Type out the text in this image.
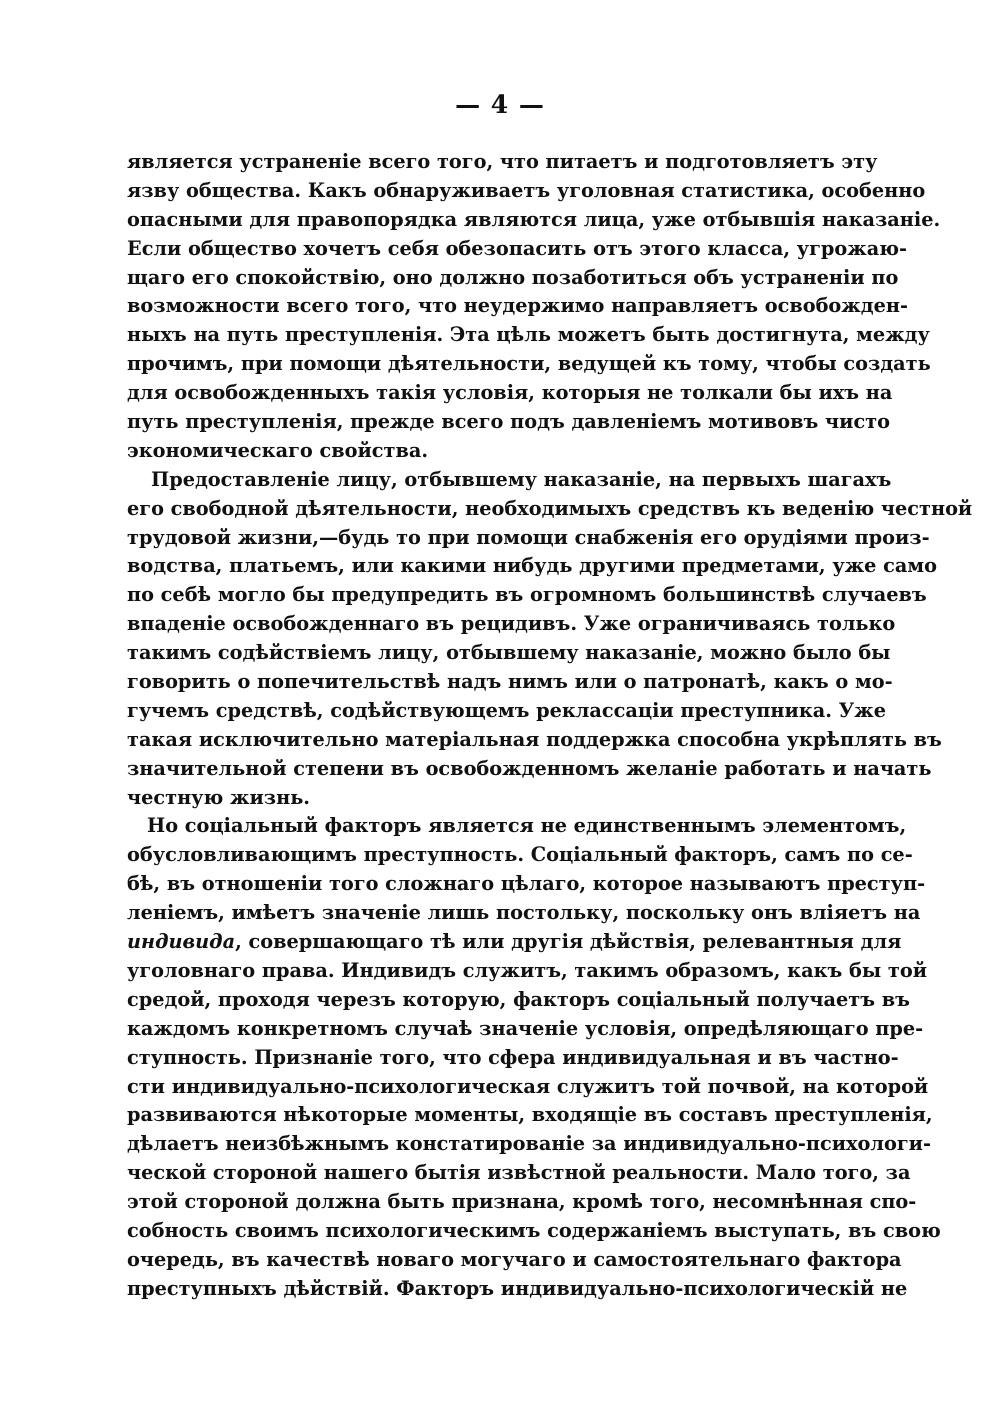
— 4 —
является устраненіе всего того, что питаетъ и подготовляетъ эту
язву общества. Какъ обнаруживаетъ уголовная статистика, особенно
опасными для правопорядка являются лица, уже отбывшія наказаніе.
Если общество хочетъ себя обезопасить отъ этого класса, угрожаю-
щаго его спокойствію, оно должно позаботиться объ устраненіи по
возможности всего того, что неудержимо направляетъ освобожден-
ныхъ на путь преступленія. Эта цѣль можетъ быть достигнута, между
прочимъ, при помощи дѣятельности, ведущей къ тому, чтобы создать
для освобожденныхъ такія условія, которыя не толкали бы ихъ на
путь преступленія, прежде всего подъ давленіемъ мотивовъ чисто
экономическаго свойства.
Предоставленіе лицу, отбывшему наказаніе, на первыхъ шагахъ
его свободной дѣятельности, необходимыхъ средствъ къ веденію честной
трудовой жизни,—будь то при помощи снабженія его орудіями произ-
водства, платьемъ, или какими нибудь другими предметами, уже само
по себѣ могло бы предупредить въ огромномъ большинствѣ случаевъ
впаденіе освобожденнаго въ рецидивъ. Уже ограничиваясь только
такимъ содѣйствіемъ лицу, отбывшему наказаніе, можно было бы
говорить о попечительствѣ надъ нимъ или о патронатѣ, какъ о мо-
гучемъ средствѣ, содѣйствующемъ реклассаціи преступника. Уже
такая исключительно матеріальная поддержка способна укрѣплять въ
значительной степени въ освобожденномъ желаніе работать и начать
честную жизнь.
Но соціальный факторъ является не единственнымъ элементомъ,
обусловливающимъ преступность. Соціальный факторъ, самъ по се-
бѣ, въ отношеніи того сложнаго цѣлаго, которое называютъ преступ-
леніемъ, имѣетъ значеніе лишь постольку, поскольку онъ вліяетъ на
индивида, совершающаго тѣ или другія дѣйствія, релевантныя для
уголовнаго права. Индивидъ служитъ, такимъ образомъ, какъ бы той
средой, проходя черезъ которую, факторъ соціальный получаетъ въ
каждомъ конкретномъ случаѣ значеніе условія, опредѣляющаго пре-
ступность. Признаніе того, что сфера индивидуальная и въ частно-
сти индивидуально-психологическая служитъ той почвой, на которой
развиваются нѣкоторые моменты, входящіе въ составъ преступленія,
дѣлаетъ неизбѣжнымъ констатированіе за индивидуально-психологи-
ческой стороной нашего бытія извѣстной реальности. Мало того, за
этой стороной должна быть признана, кромѣ того, несомнѣнная спо-
собность своимъ психологическимъ содержаніемъ выступать, въ свою
очередь, въ качествѣ новаго могучаго и самостоятельнаго фактора
преступныхъ дѣйствій. Факторъ индивидуально-психологическій не
